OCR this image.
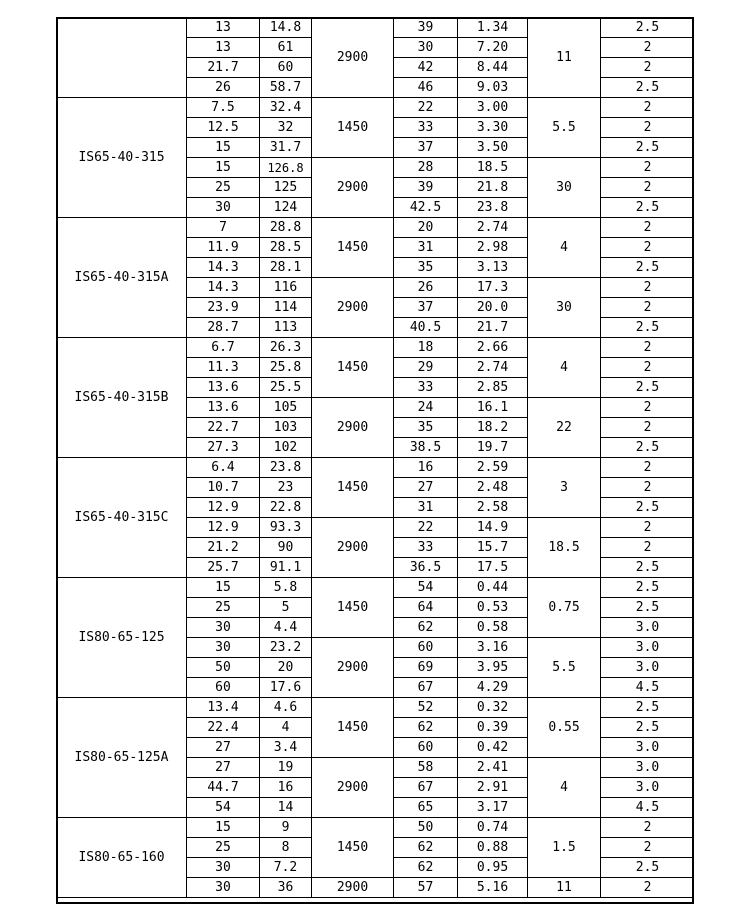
	13	14.8	2900	39	1.34	11	2.5
	13	61		30	7.20		2
	21.7	60		42	8.44		2
	26	58.7		46	9.03		2.5
IS65-40-315	7.5	32.4	1450	22	3.00	5.5	2
	12.5	32		33	3.30		2
	15	31.7		37	3.50		2.5
	15	126.8	2900	28	18.5	30	2
	25	125		39	21.8		2
	30	124		42.5	23.8		2.5
IS65-40-315A	7	28.8	1450	20	2.74	4	2
	11.9	28.5		31	2.98		2
	14.3	28.1		35	3.13		2.5
	14.3	116	2900	26	17.3	30	2
	23.9	114		37	20.0		2
	28.7	113		40.5	21.7		2.5
IS65-40-315B	6.7	26.3	1450	18	2.66	4	2
	11.3	25.8		29	2.74		2
	13.6	25.5		33	2.85		2.5
	13.6	105	2900	24	16.1	22	2
	22.7	103		35	18.2		2
	27.3	102		38.5	19.7		2.5
IS65-40-315C	6.4	23.8	1450	16	2.59	3	2
	10.7	23		27	2.48		2
	12.9	22.8		31	2.58		2.5
	12.9	93.3	2900	22	14.9	18.5	2
	21.2	90		33	15.7		2
	25.7	91.1		36.5	17.5		2.5
IS80-65-125	15	5.8	1450	54	0.44	0.75	2.5
	25	5		64	0.53		2.5
	30	4.4		62	0.58		3.0
	30	23.2	2900	60	3.16	5.5	3.0
	50	20		69	3.95		3.0
	60	17.6		67	4.29		4.5
IS80-65-125A	13.4	4.6	1450	52	0.32	0.55	2.5
	22.4	4		62	0.39		2.5
	27	3.4		60	0.42		3.0
	27	19	2900	58	2.41	4	3.0
	44.7	16		67	2.91		3.0
	54	14		65	3.17		4.5
IS80-65-160	15	9	1450	50	0.74	1.5	2
	25	8		62	0.88		2
	30	7.2		62	0.95		2.5
	30	36	2900	57	5.16	11	2
